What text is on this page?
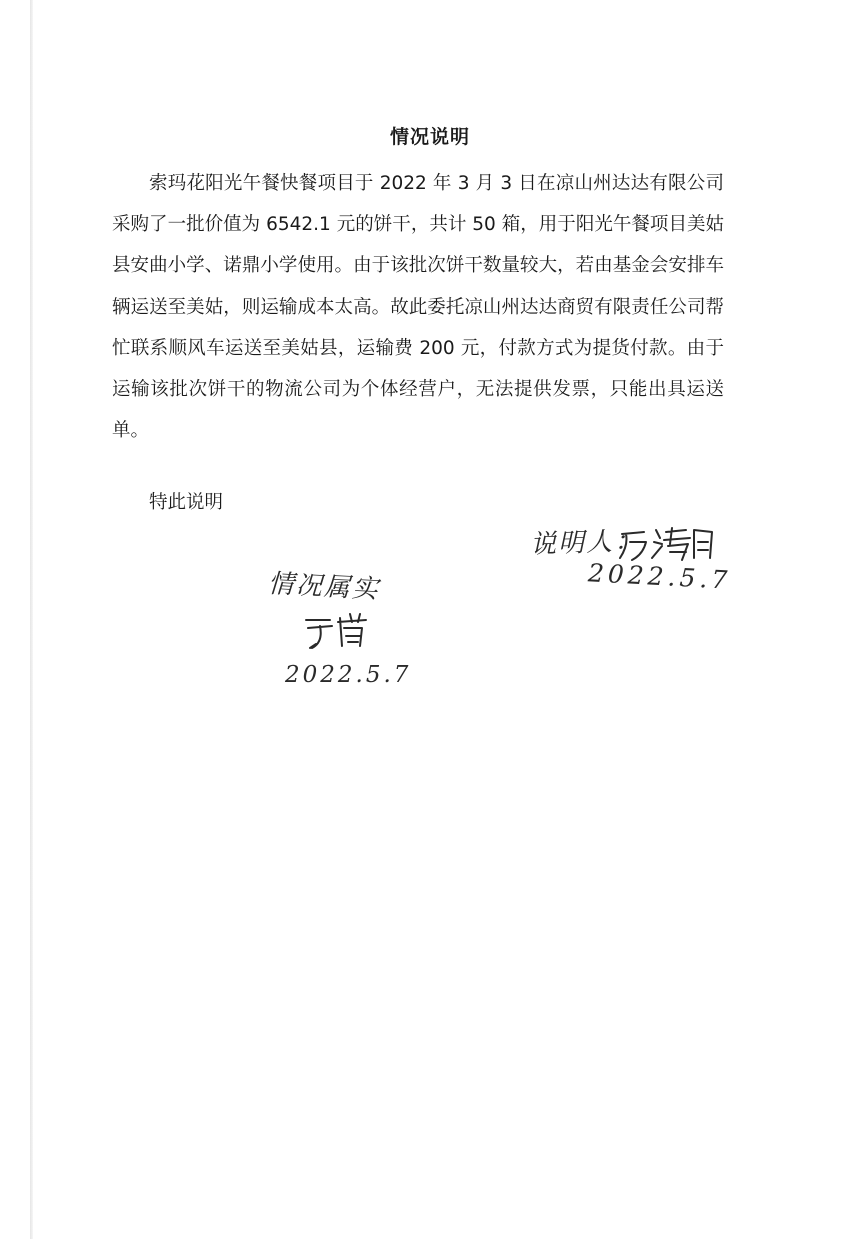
情况说明

索玛花阳光午餐快餐项目于 2022 年 3 月 3 日在凉山州达达有限公司采购了一批价值为 6542.1 元的饼干，共计 50 箱，用于阳光午餐项目美姑县安曲小学、诺鼎小学使用。由于该批次饼干数量较大，若由基金会安排车辆运送至美姑，则运输成本太高。故此委托凉山州达达商贸有限责任公司帮忙联系顺风车运送至美姑县，运输费 200 元，付款方式为提货付款。由于运输该批次饼干的物流公司为个体经营户，无法提供发票，只能出具运送单。

特此说明
说明人：
2022.5.7
情况属实
2022.5.7
